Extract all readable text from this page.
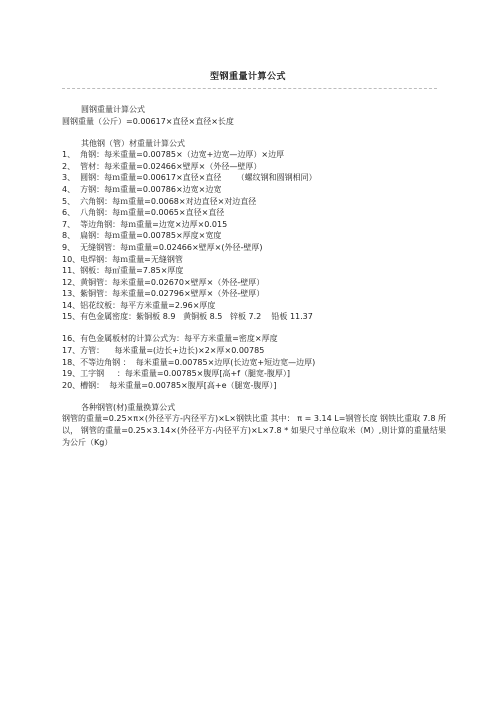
型钢重量计算公式
圆钢重量计算公式
圆钢重量（公斤）=0.00617×直径×直径×长度
其他钢（管）材重量计算公式
1、  角钢：每米重量=0.00785×（边宽+边宽—边厚）×边厚
2、  管材：每米重量=0.02466×壁厚×（外径—壁厚）
3、  圆钢：每ｍ重量=0.00617×直径×直径      （螺纹钢和圆钢相同）
4、  方钢：每ｍ重量=0.00786×边宽×边宽
5、  六角钢：每ｍ重量=0.0068×对边直径×对边直径
6、  八角钢：每ｍ重量=0.0065×直径×直径
7、  等边角钢：每ｍ重量=边宽×边厚×0.015
8、  扁钢：每ｍ重量=0.00785×厚度×宽度
9、  无缝钢管：每ｍ重量=0.02466×壁厚×(外径-壁厚)
10、电焊钢：每ｍ重量=无缝钢管
11、钢板：每㎡重量=7.85×厚度
12、黄铜管：每米重量=0.02670×壁厚×（外径-壁厚）
13、紫铜管：每米重量=0.02796×壁厚×（外径-壁厚）
14、铝花纹板：每平方米重量=2.96×厚度
15、有色金属密度：紫铜板 8.9   黄铜板 8.5   锌板 7.2    铅板 11.37
16、有色金属板材的计算公式为：每平方米重量=密度×厚度
17、方管：    每米重量=(边长+边长)×2×厚×0.00785
18、不等边角钢 ：  每米重量=0.00785×边厚(长边宽+短边宽—边厚)
19、工字钢     ：每米重量=0.00785×腹厚[高+f（腿宽-腹厚）]
20、槽钢：  每米重量=0.00785×腹厚[高+e（腿宽-腹厚）]
各种钢管(材)重量换算公式
钢管的重量=0.25×π×(外径平方-内径平方)×L×钢铁比重 其中： π = 3.14 L=钢管长度 钢铁比重取 7.8 所以， 钢管的重量=0.25×3.14×(外径平方-内径平方)×L×7.8 * 如果尺寸单位取米（M）,则计算的重量结果为公斤（Kg）
